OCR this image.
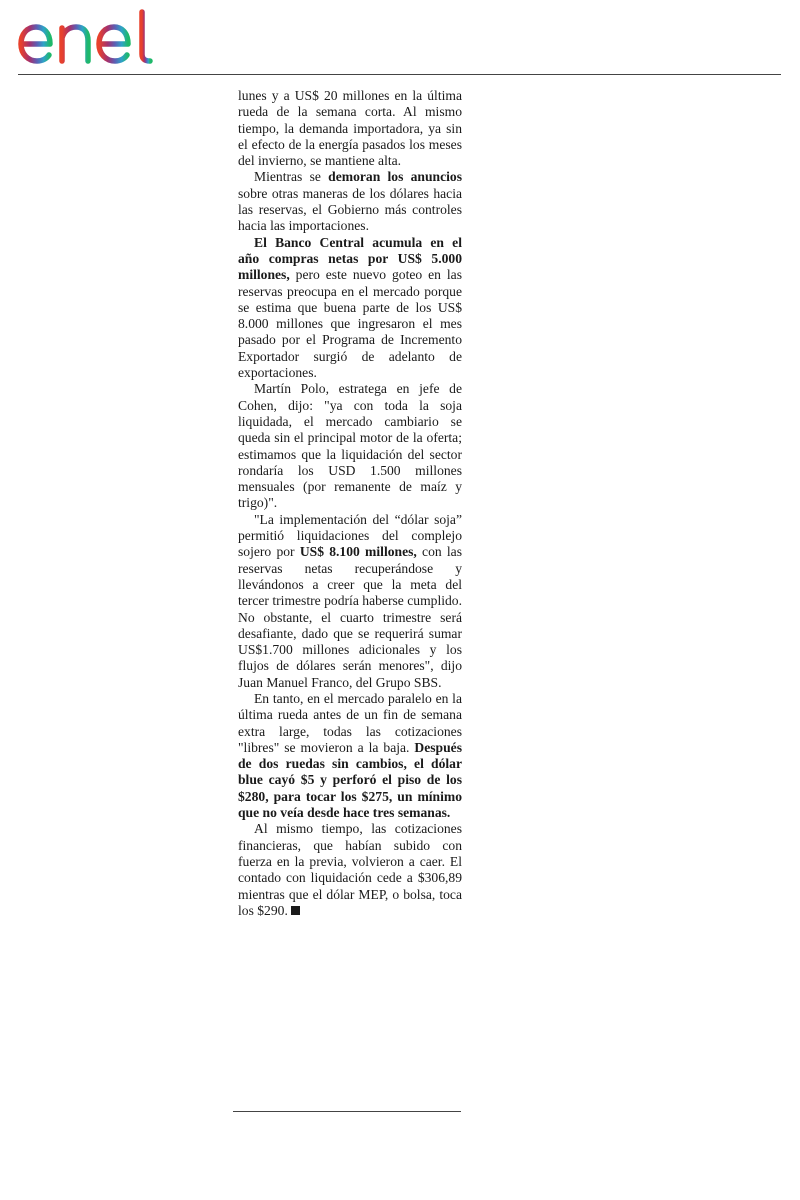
lunes y a US$ 20 millones en la última rueda de la semana corta. Al mismo tiempo, la demanda importadora, ya sin el efecto de la energía pasados los meses del invierno, se mantiene alta.

Mientras se demoran los anuncios sobre otras maneras de los dólares hacia las reservas, el Gobierno más controles hacia las importaciones.

El Banco Central acumula en el año compras netas por US$ 5.000 millones, pero este nuevo goteo en las reservas preocupa en el mercado porque se estima que buena parte de los US$ 8.000 millones que ingresaron el mes pasado por el Programa de Incremento Exportador surgió de adelanto de exportaciones.

Martín Polo, estratega en jefe de Cohen, dijo: "ya con toda la soja liquidada, el mercado cambiario se queda sin el principal motor de la oferta; estimamos que la liquidación del sector rondaría los USD 1.500 millones mensuales (por remanente de maíz y trigo)".

"La implementación del “dólar soja” permitió liquidaciones del complejo sojero por US$ 8.100 millones, con las reservas netas recuperándose y llevándonos a creer que la meta del tercer trimestre podría haberse cumplido. No obstante, el cuarto trimestre será desafiante, dado que se requerirá sumar US$1.700 millones adicionales y los flujos de dólares serán menores", dijo Juan Manuel Franco, del Grupo SBS.

En tanto, en el mercado paralelo en la última rueda antes de un fin de semana extra large, todas las cotizaciones "libres" se movieron a la baja. Después de dos ruedas sin cambios, el dólar blue cayó $5 y perforó el piso de los $280, para tocar los $275, un mínimo que no veía desde hace tres semanas.

Al mismo tiempo, las cotizaciones financieras, que habían subido con fuerza en la previa, volvieron a caer. El contado con liquidación cede a $306,89 mientras que el dólar MEP, o bolsa, toca los $290.
